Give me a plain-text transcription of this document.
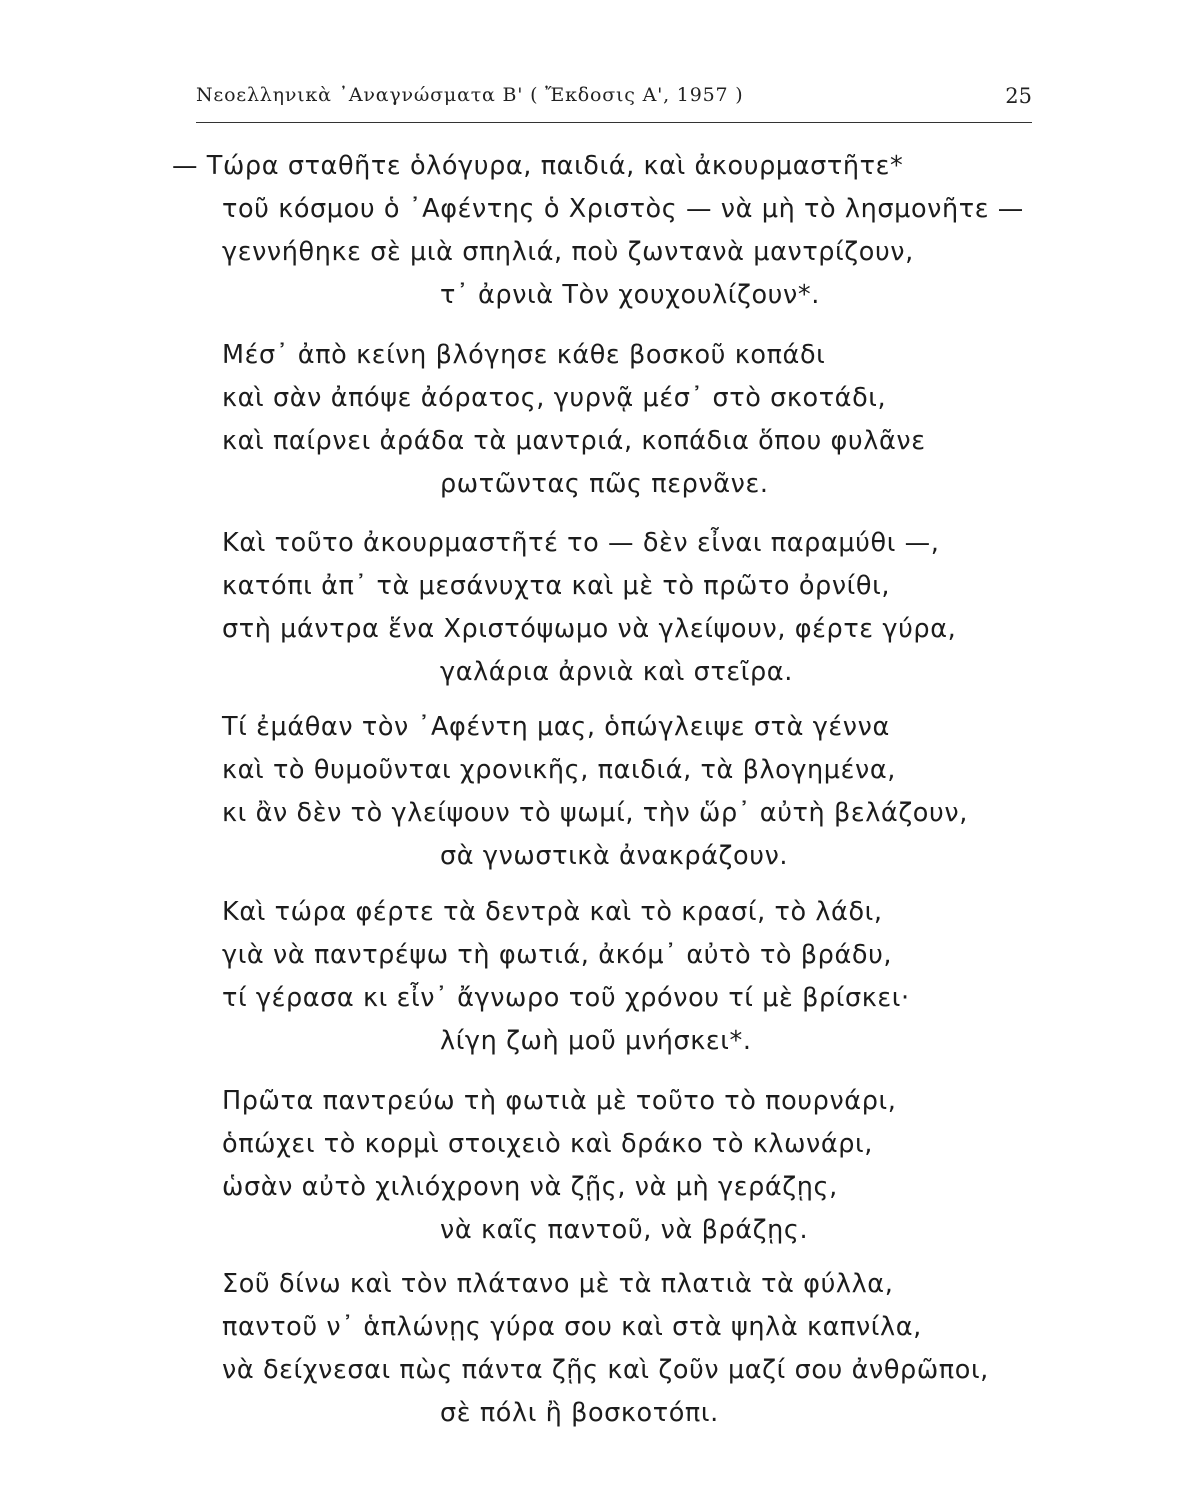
Νεοελληνικὰ ᾿Αναγνώσματα Β' ( Ἔκδοσις Α', 1957 )	25
— Τώρα σταθῆτε ὁλόγυρα, παιδιά, καὶ ἀκουρμαστῆτε*
τοῦ κόσμου ὁ ᾿Αφέντης ὁ Χριστὸς — νὰ μὴ τὸ λησμονῆτε —
γεννήθηκε σὲ μιὰ σπηλιά, ποὺ ζωντανὰ μαντρίζουν,
τ᾿ ἀρνιὰ Τὸν χουχουλίζουν*.
Μέσ᾿ ἀπὸ κείνη βλόγησε κάθε βοσκοῦ κοπάδι
καὶ σὰν ἀπόψε ἀόρατος, γυρνᾷ μέσ᾿ στὸ σκοτάδι,
καὶ παίρνει ἀράδα τὰ μαντριά, κοπάδια ὅπου φυλᾶνε
ρωτῶντας πῶς περνᾶνε.
Καὶ τοῦτο ἀκουρμαστῆτέ το — δὲν εἶναι παραμύθι —,
κατόπι ἀπ᾿ τὰ μεσάνυχτα καὶ μὲ τὸ πρῶτο ὀρνίθι,
στὴ μάντρα ἕνα Χριστόψωμο νὰ γλείψουν, φέρτε γύρα,
γαλάρια ἀρνιὰ καὶ στεῖρα.
Τί ἐμάθαν τὸν ᾿Αφέντη μας, ὁπώγλειψε στὰ γέννα
καὶ τὸ θυμοῦνται χρονικῆς, παιδιά, τὰ βλογημένα,
κι ἂν δὲν τὸ γλείψουν τὸ ψωμί, τὴν ὥρ᾿ αὐτὴ βελάζουν,
σὰ γνωστικὰ ἀνακράζουν.
Καὶ τώρα φέρτε τὰ δεντρὰ καὶ τὸ κρασί, τὸ λάδι,
γιὰ νὰ παντρέψω τὴ φωτιά, ἀκόμ᾿ αὐτὸ τὸ βράδυ,
τί γέρασα κι εἶν᾿ ἄγνωρο τοῦ χρόνου τί μὲ βρίσκει·
λίγη ζωὴ μοῦ μνήσκει*.
Πρῶτα παντρεύω τὴ φωτιὰ μὲ τοῦτο τὸ πουρνάρι,
ὁπώχει τὸ κορμὶ στοιχειὸ καὶ δράκο τὸ κλωνάρι,
ὡσὰν αὐτὸ χιλιόχρονη νὰ ζῇς, νὰ μὴ γεράζῃς,
νὰ καῖς παντοῦ, νὰ βράζῃς.
Σοῦ δίνω καὶ τὸν πλάτανο μὲ τὰ πλατιὰ τὰ φύλλα,
παντοῦ ν᾿ ἁπλώνῃς γύρα σου καὶ στὰ ψηλὰ καπνίλα,
νὰ δείχνεσαι πὼς πάντα ζῇς καὶ ζοῦν μαζί σου ἀνθρῶποι,
σὲ πόλι ἢ βοσκοτόπι.
